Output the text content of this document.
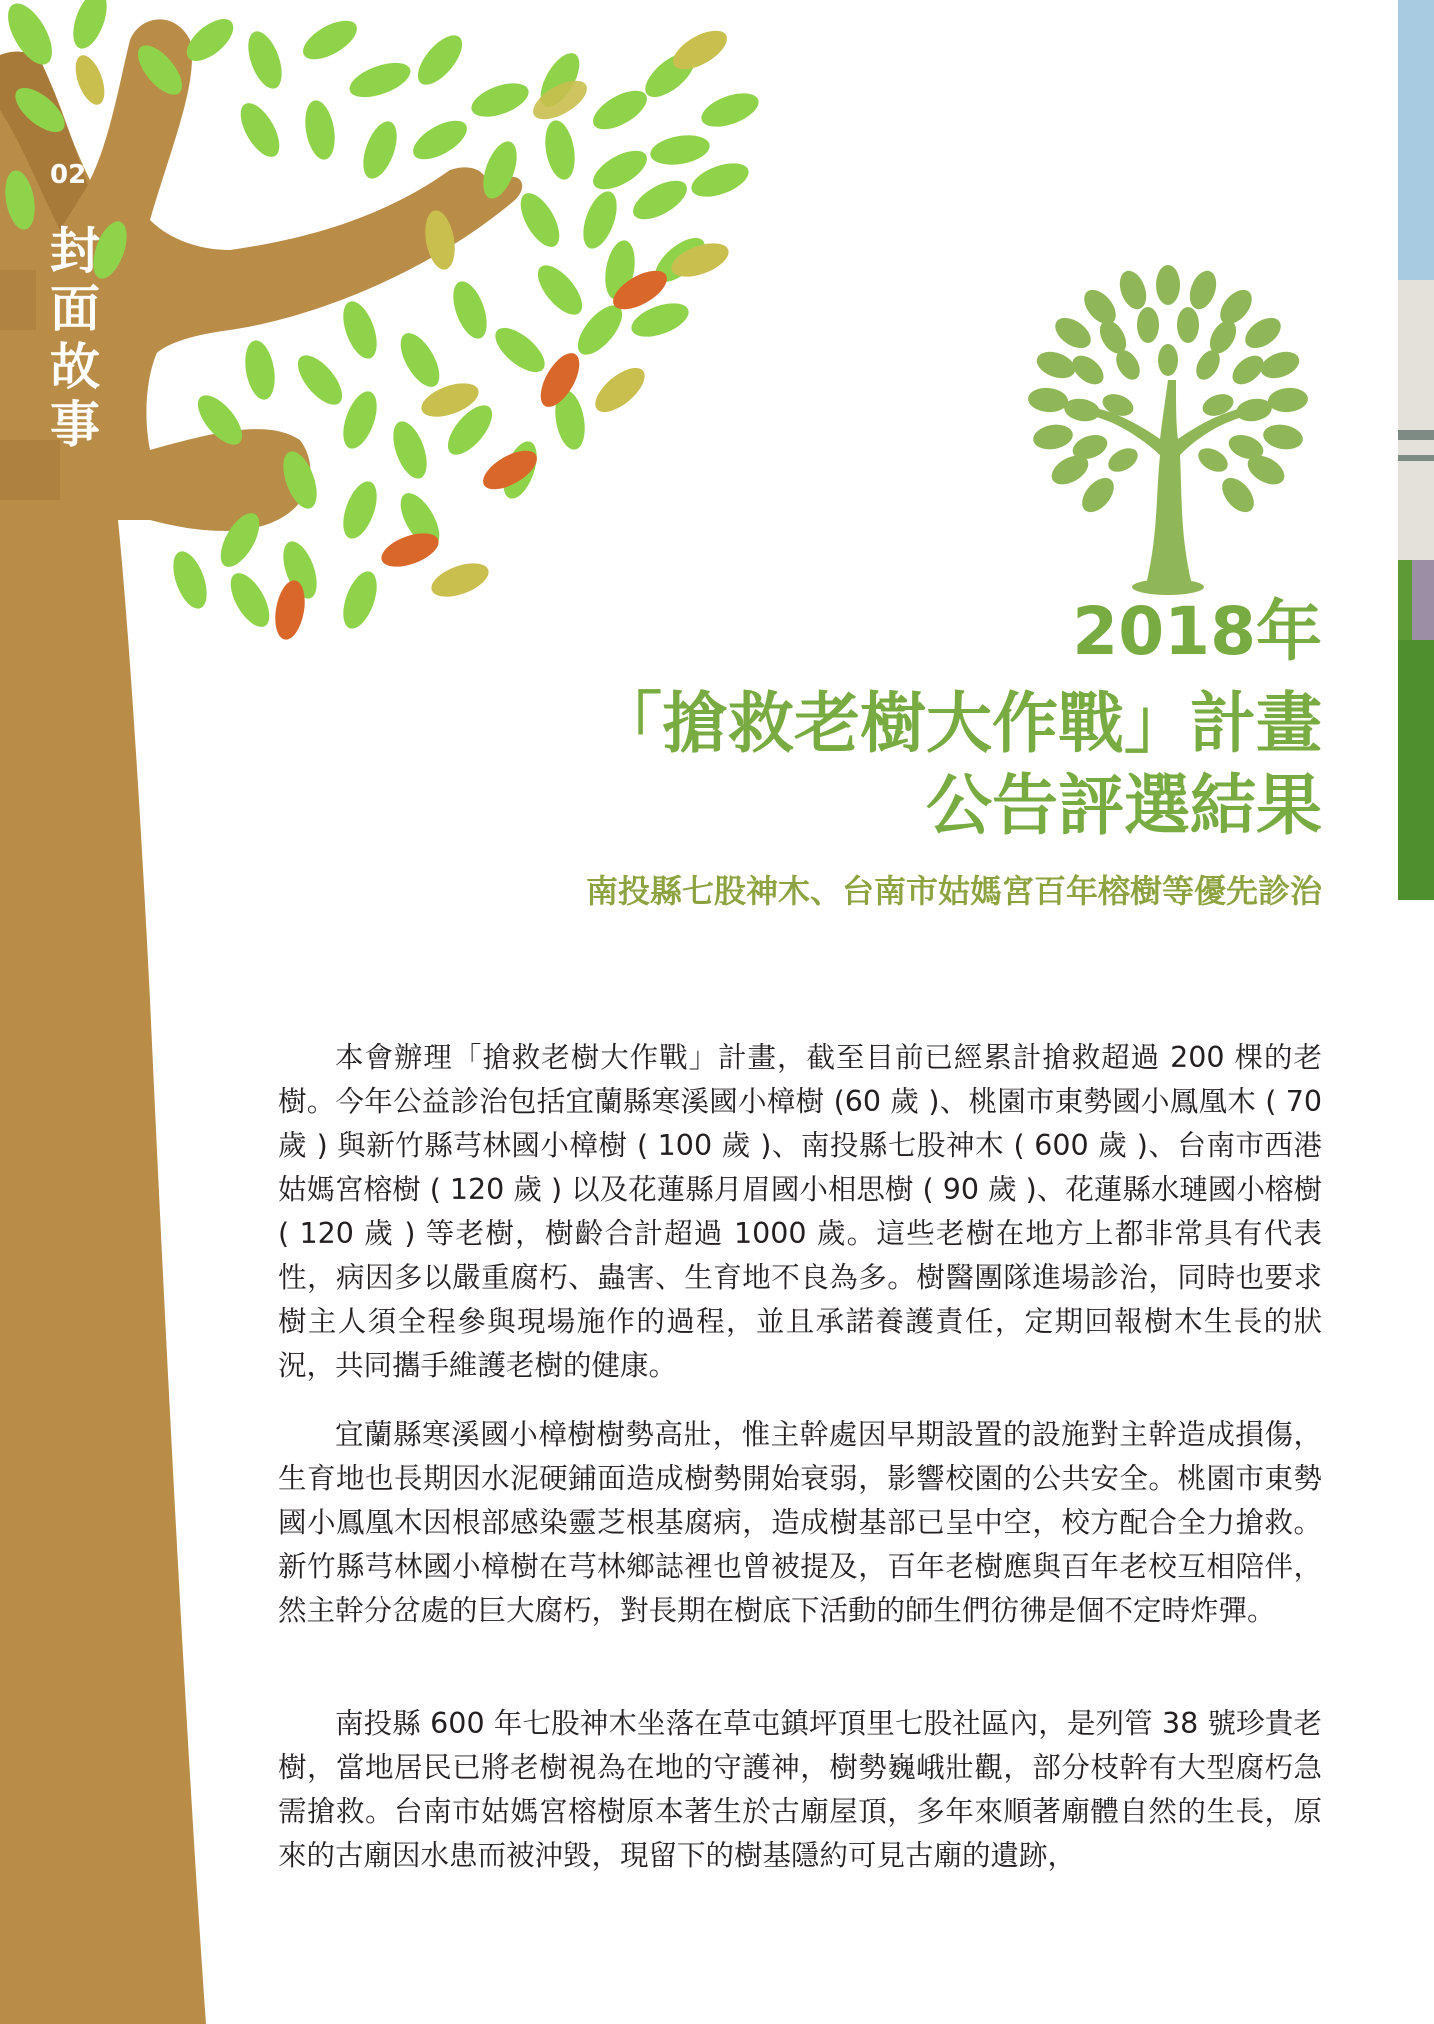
02
封面故事
2018年
「搶救老樹大作戰」計畫
公告評選結果
南投縣七股神木、台南市姑媽宮百年榕樹等優先診治

本會辦理「搶救老樹大作戰」計畫，截至目前已經累計搶救超過 200 棵的老樹。今年公益診治包括宜蘭縣寒溪國小樟樹 (60 歲 )、桃園市東勢國小鳳凰木 ( 70 歲 ) 與新竹縣芎林國小樟樹 ( 100 歲 )、南投縣七股神木 ( 600 歲 )、台南市西港姑媽宮榕樹 ( 120 歲 ) 以及花蓮縣月眉國小相思樹 ( 90 歲 )、花蓮縣水璉國小榕樹 ( 120 歲 ) 等老樹，樹齡合計超過 1000 歲。這些老樹在地方上都非常具有代表性，病因多以嚴重腐朽、蟲害、生育地不良為多。樹醫團隊進場診治，同時也要求樹主人須全程參與現場施作的過程，並且承諾養護責任，定期回報樹木生長的狀況，共同攜手維護老樹的健康。

宜蘭縣寒溪國小樟樹樹勢高壯，惟主幹處因早期設置的設施對主幹造成損傷，生育地也長期因水泥硬鋪面造成樹勢開始衰弱，影響校園的公共安全。桃園市東勢國小鳳凰木因根部感染靈芝根基腐病，造成樹基部已呈中空，校方配合全力搶救。新竹縣芎林國小樟樹在芎林鄉誌裡也曾被提及，百年老樹應與百年老校互相陪伴，然主幹分岔處的巨大腐朽，對長期在樹底下活動的師生們彷彿是個不定時炸彈。

南投縣 600 年七股神木坐落在草屯鎮坪頂里七股社區內，是列管 38 號珍貴老樹，當地居民已將老樹視為在地的守護神，樹勢巍峨壯觀，部分枝幹有大型腐朽急需搶救。台南市姑媽宮榕樹原本著生於古廟屋頂，多年來順著廟體自然的生長，原來的古廟因水患而被沖毀，現留下的樹基隱約可見古廟的遺跡，
